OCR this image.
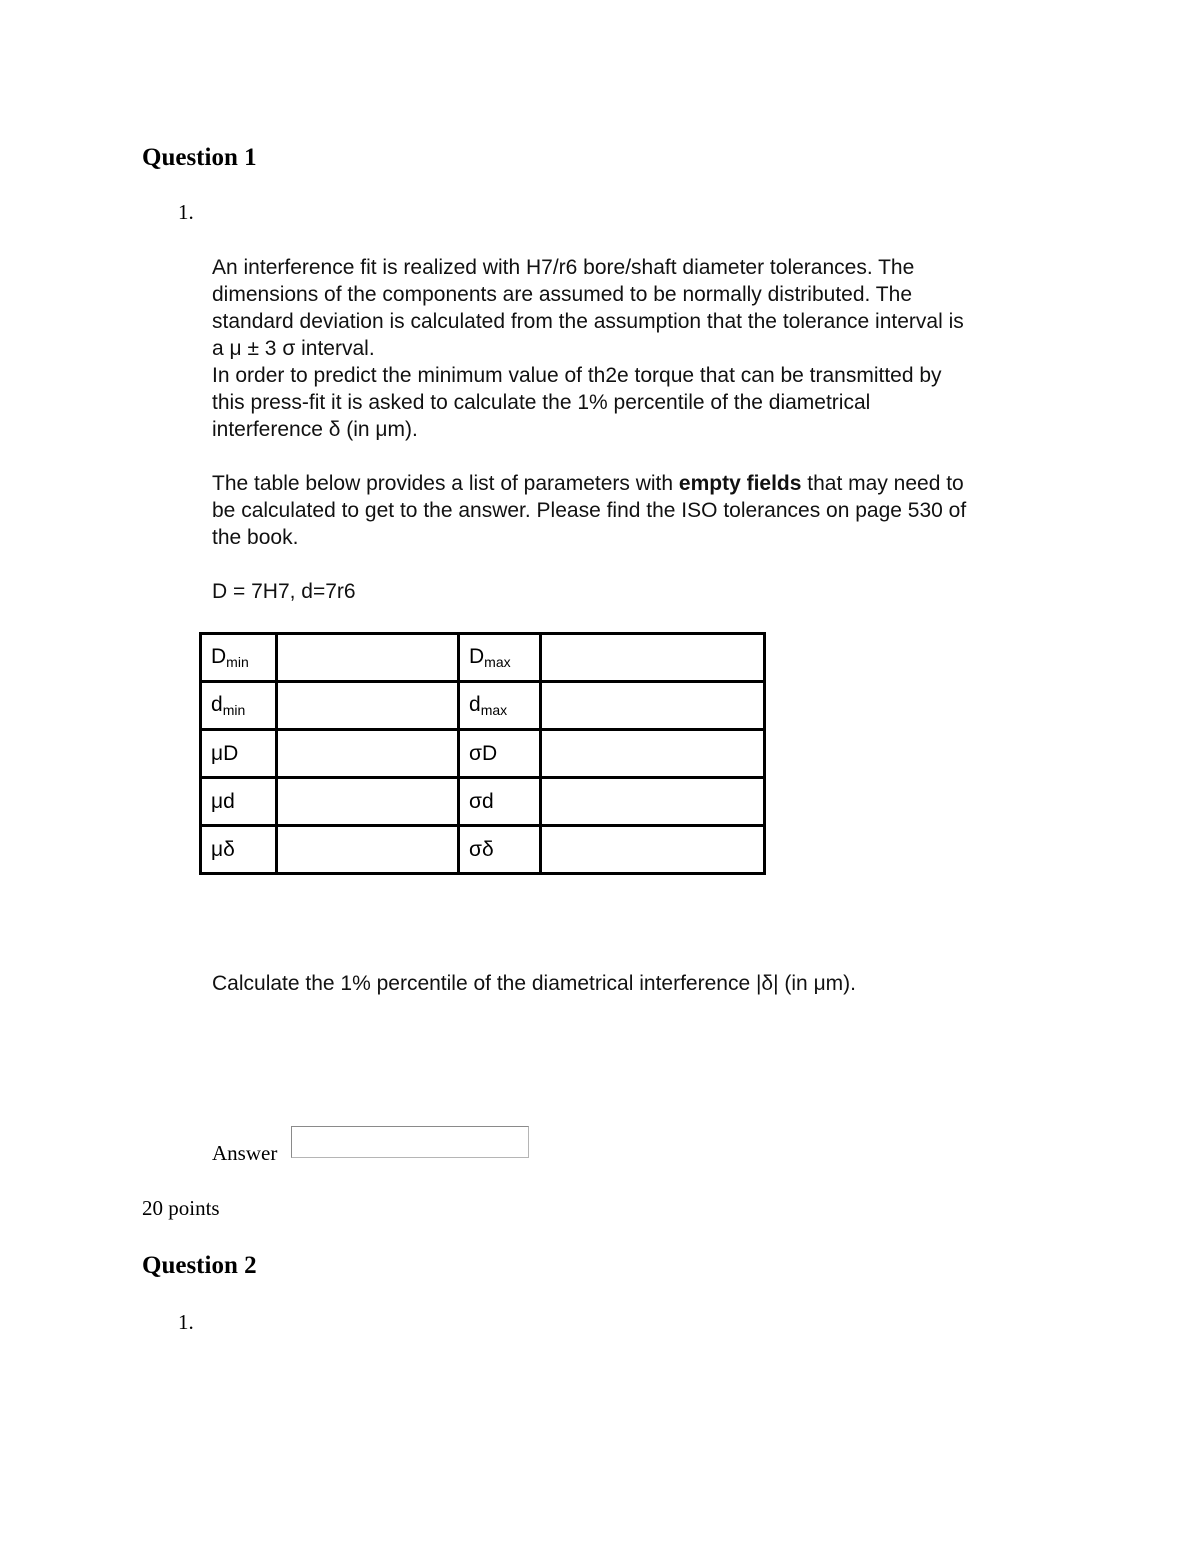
Question 1
1.

An interference fit is realized with H7/r6 bore/shaft diameter tolerances. The

dimensions of the components are assumed to be normally distributed. The

standard deviation is calculated from the assumption that the tolerance interval is

a μ ± 3 σ interval.

In order to predict the minimum value of th2e torque that can be transmitted by

this press-fit it is asked to calculate the 1% percentile of the diametrical

interference δ (in μm).

The table below provides a list of parameters with empty fields that may need to

be calculated to get to the answer. Please find the ISO tolerances on page 530 of

the book.

D = 7H7, d=7r6

$D_{min}$		$D_{max}$	
$d_{min}$		$d_{max}$	
μD		σD	
μd		σd	
μδ		σδ	
Calculate the 1% percentile of the diametrical interference |δ| (in μm).
Answer
20 points
Question 2
1.
